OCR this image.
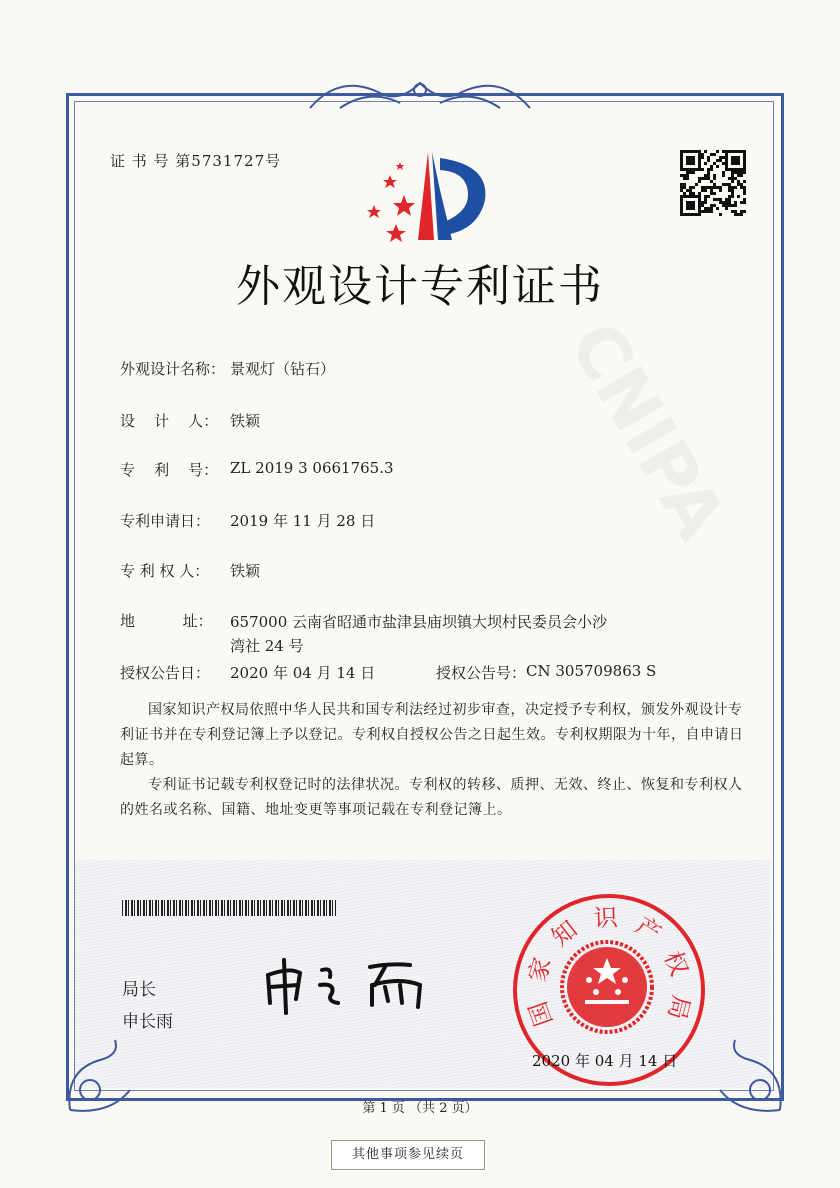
CNIPA
证 书 号 第5731727号
外观设计专利证书
外观设计名称： 景观灯（钻石）
设    计    人： 铁颖
专    利    号： ZL 2019 3 0661765.3
专利申请日：	2019 年 11 月 28 日
专 利 权 人：	铁颖
地          址：	657000 云南省昭通市盐津县庙坝镇大坝村民委员会小沙
湾社 24 号
授权公告日：	2020 年 04 月 14 日	授权公告号： CN 305709863 S
国家知识产权局依照中华人民共和国专利法经过初步审查，决定授予专利权，颁发外观设计专利证书并在专利登记簿上予以登记。专利权自授权公告之日起生效。专利权期限为十年，自申请日起算。
专利证书记载专利权登记时的法律状况。专利权的转移、质押、无效、终止、恢复和专利权人的姓名或名称、国籍、地址变更等事项记载在专利登记簿上。
局长
申长雨	国家知识产权局
2020 年 04 月 14 日
第 1 页 （共 2 页）
其他事项参见续页
